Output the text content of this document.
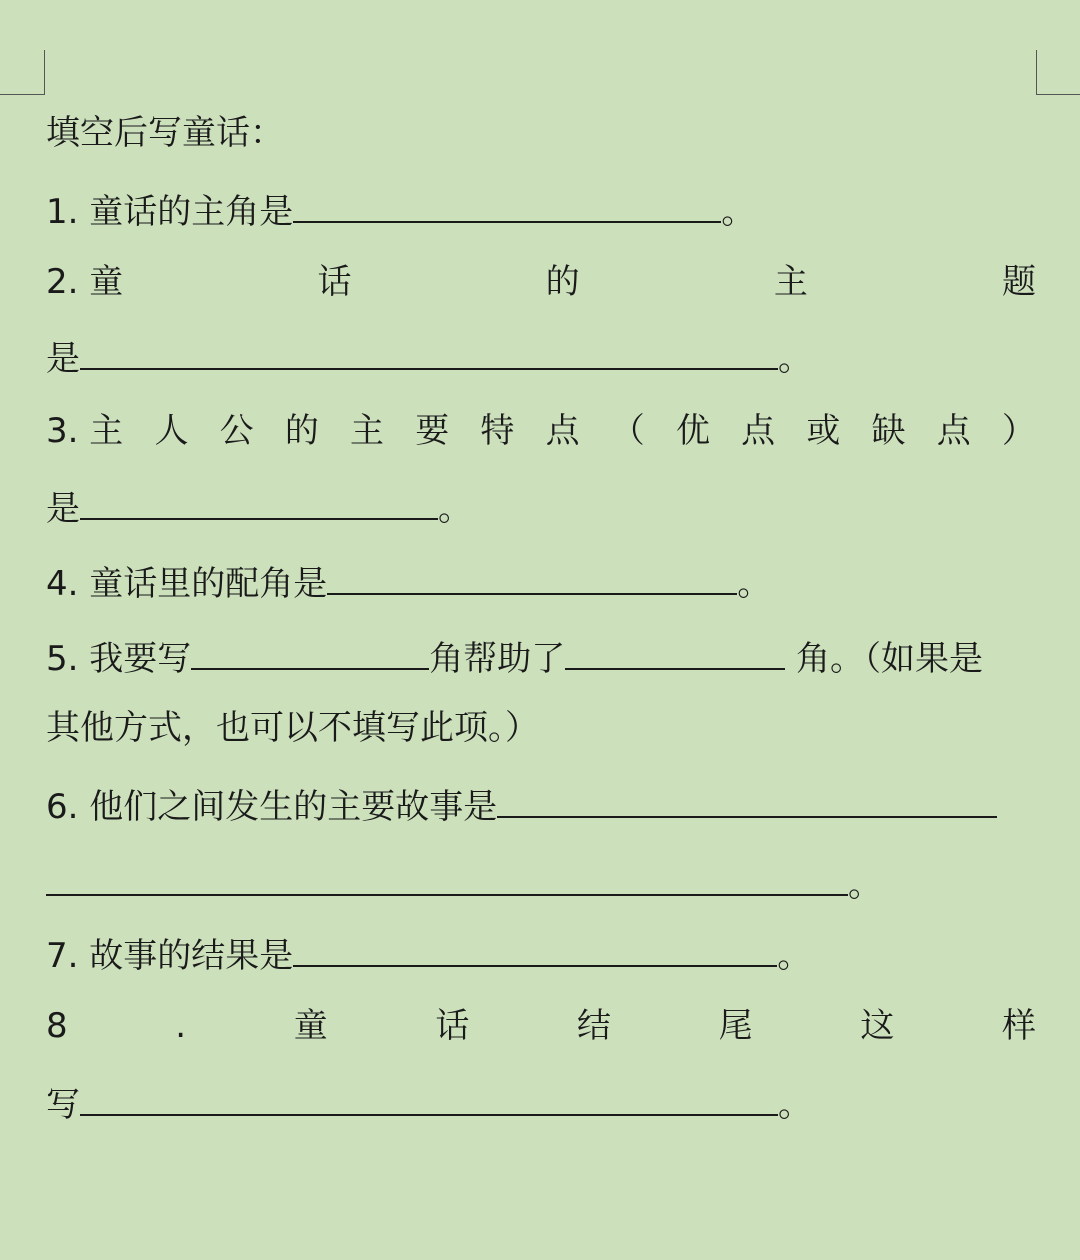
填空后写童话：
1. 童话的主角是	。
2. 童	话	的	主	题
是	。
3. 主 人 公 的 主 要 特 点 （ 优 点 或 缺 点 ）
是	。
4. 童话里的配角是	。
5. 我要写	角帮助了	角。（如果是
其他方式，也可以不填写此项。）
6. 他们之间发生的主要故事是
。
7. 故事的结果是	。
8	.	童	话	结	尾	这	样
写	。
